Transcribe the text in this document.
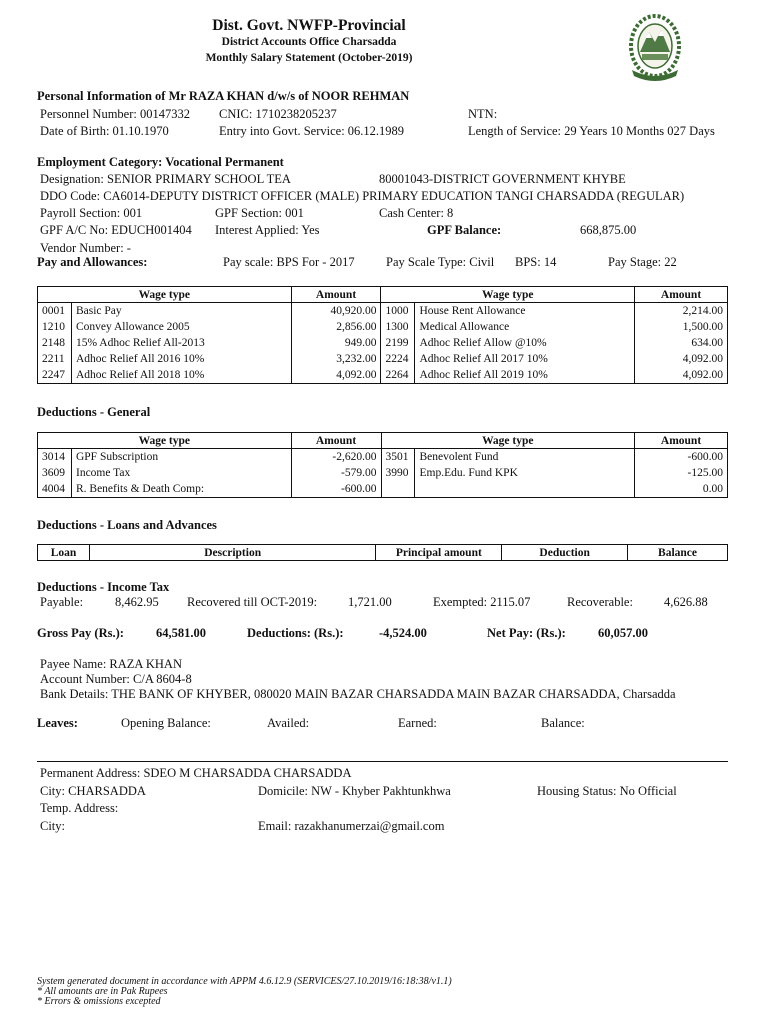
Dist. Govt. NWFP-Provincial
District Accounts Office Charsadda
Monthly Salary Statement (October-2019)
Personal Information of Mr RAZA KHAN d/w/s of NOOR REHMAN
Personnel Number: 00147332 CNIC: 1710238205237	NTN:
Date of Birth: 01.10.1970	Entry into Govt. Service: 06.12.1989	Length of Service: 29 Years 10 Months 027 Days
Employment Category: Vocational Permanent
Designation: SENIOR PRIMARY SCHOOL TEA	80001043-DISTRICT GOVERNMENT KHYBE
DDO Code: CA6014-DEPUTY DISTRICT OFFICER (MALE) PRIMARY EDUCATION TANGI CHARSADDA (REGULAR)
Payroll Section: 001	GPF Section: 001	Cash Center: 8
GPF A/C No: EDUCH001404 Interest Applied: Yes	GPF Balance:	668,875.00
Vendor Number: -
Pay and Allowances:	Pay scale: BPS For - 2017	Pay Scale Type: Civil BPS: 14	Pay Stage: 22
Wage type		Amount	Wage type		Amount
0001	Basic Pay	40,920.00	1000	House Rent Allowance	2,214.00
1210	Convey Allowance 2005	2,856.00	1300	Medical Allowance	1,500.00
2148	15% Adhoc Relief All-2013	949.00	2199	Adhoc Relief Allow @10%	634.00
2211	Adhoc Relief All 2016 10%	3,232.00	2224	Adhoc Relief All 2017 10%	4,092.00
2247	Adhoc Relief All 2018 10%	4,092.00	2264	Adhoc Relief All 2019 10%	4,092.00
Deductions - General
Wage type		Amount	Wage type		Amount
3014	GPF Subscription	-2,620.00	3501	Benevolent Fund	-600.00
3609	Income Tax	-579.00	3990	Emp.Edu. Fund KPK	-125.00
4004	R. Benefits & Death Comp:	-600.00			0.00
Deductions - Loans and Advances
Loan	Description	Principal amount	Deduction	Balance
Deductions - Income Tax
Payable:	8,462.95 Recovered till OCT-2019: 1,721.00	Exempted: 2115.07	Recoverable: 4,626.88
Gross Pay (Rs.):	64,581.00	Deductions: (Rs.):	-4,524.00	Net Pay: (Rs.):	60,057.00
Payee Name: RAZA KHAN
Account Number: C/A 8604-8
Bank Details: THE BANK OF KHYBER, 080020 MAIN BAZAR CHARSADDA MAIN BAZAR CHARSADDA, Charsadda
Leaves:	Opening Balance:	Availed:	Earned:	Balance:
Permanent Address: SDEO M CHARSADDA CHARSADDA
City: CHARSADDA	Domicile: NW - Khyber Pakhtunkhwa	Housing Status: No Official
Temp. Address:
City:	Email: razakhanumerzai@gmail.com
System generated document in accordance with APPM 4.6.12.9 (SERVICES/27.10.2019/16:18:38/v1.1)
* All amounts are in Pak Rupees
* Errors & omissions excepted
